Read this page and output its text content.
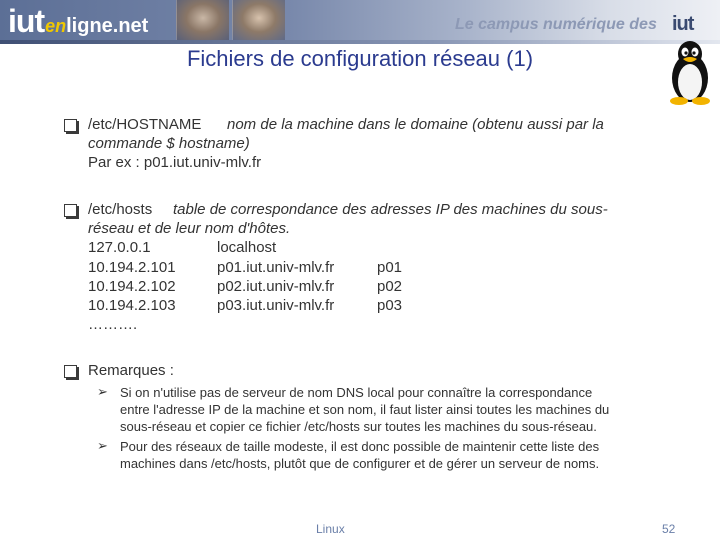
iutenligne.net	Le campus numérique des iut
Fichiers de configuration réseau (1)
/etc/HOSTNAME nom de la machine dans le domaine (obtenu aussi par la
commande $ hostname)
Par ex : p01.iut.univ-mlv.fr
/etc/hosts table de correspondance des adresses IP des machines du sous-
réseau et de leur nom d'hôtes.
127.0.0.1	localhost
10.194.2.101	p01.iut.univ-mlv.fr	p01
10.194.2.102	p02.iut.univ-mlv.fr	p02
10.194.2.103	p03.iut.univ-mlv.fr	p03
……….
Remarques :
➢ Si on n'utilise pas de serveur de nom DNS local pour connaître la correspondance
entre l'adresse IP de la machine et son nom, il faut lister ainsi toutes les machines du
sous-réseau et copier ce fichier /etc/hosts sur toutes les machines du sous-réseau.
➢ Pour des réseaux de taille modeste, il est donc possible de maintenir cette liste des
machines dans /etc/hosts, plutôt que de configurer et de gérer un serveur de noms.
Linux	52
